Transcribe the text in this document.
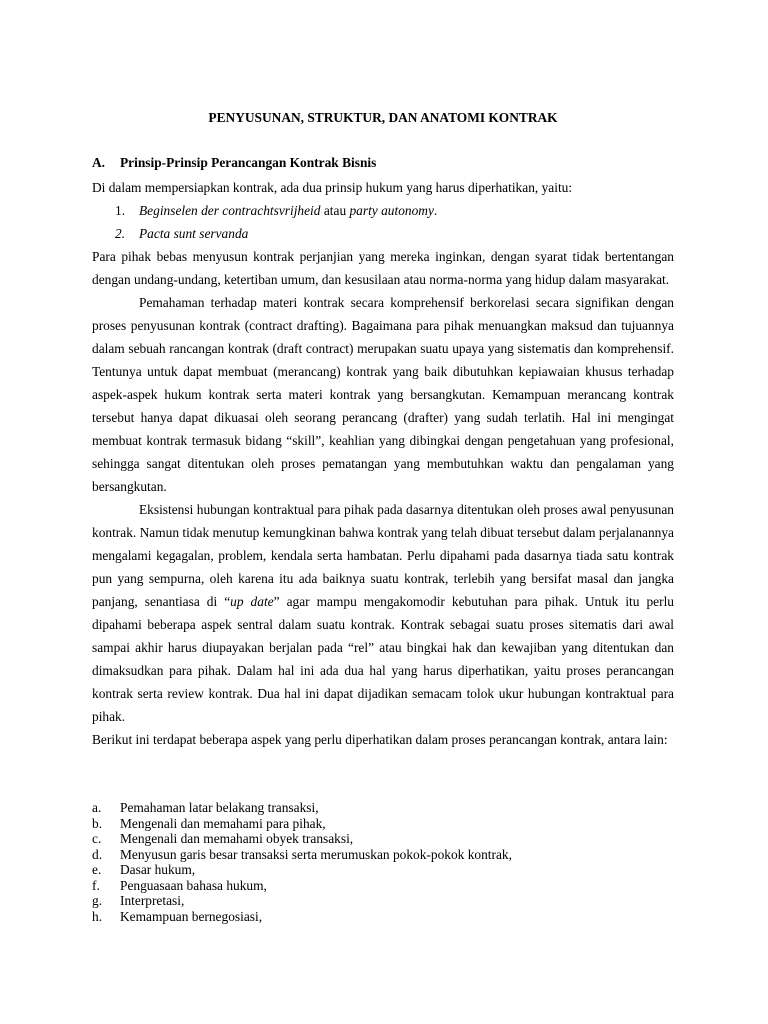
PENYUSUNAN, STRUKTUR, DAN ANATOMI KONTRAK
A. Prinsip-Prinsip Perancangan Kontrak Bisnis

Di dalam mempersiapkan kontrak, ada dua prinsip hukum yang harus diperhatikan, yaitu:

1. Beginselen der contrachtsvrijheid atau party autonomy.
2. Pacta sunt servanda

Para pihak bebas menyusun kontrak perjanjian yang mereka inginkan, dengan syarat tidak bertentangan dengan undang-undang, ketertiban umum, dan kesusilaan atau norma-norma yang hidup dalam masyarakat.

Pemahaman terhadap materi kontrak secara komprehensif berkorelasi secara signifikan dengan proses penyusunan kontrak (contract drafting). Bagaimana para pihak menuangkan maksud dan tujuannya dalam sebuah rancangan kontrak (draft contract) merupakan suatu upaya yang sistematis dan komprehensif. Tentunya untuk dapat membuat (merancang) kontrak yang baik dibutuhkan kepiawaian khusus terhadap aspek-aspek hukum kontrak serta materi kontrak yang bersangkutan. Kemampuan merancang kontrak tersebut hanya dapat dikuasai oleh seorang perancang (drafter) yang sudah terlatih. Hal ini mengingat membuat kontrak termasuk bidang “skill”, keahlian yang dibingkai dengan pengetahuan yang profesional, sehingga sangat ditentukan oleh proses pematangan yang membutuhkan waktu dan pengalaman yang bersangkutan.

Eksistensi hubungan kontraktual para pihak pada dasarnya ditentukan oleh proses awal penyusunan kontrak. Namun tidak menutup kemungkinan bahwa kontrak yang telah dibuat tersebut dalam perjalanannya mengalami kegagalan, problem, kendala serta hambatan. Perlu dipahami pada dasarnya tiada satu kontrak pun yang sempurna, oleh karena itu ada baiknya suatu kontrak, terlebih yang bersifat masal dan jangka panjang, senantiasa di “up date” agar mampu mengakomodir kebutuhan para pihak. Untuk itu perlu dipahami beberapa aspek sentral dalam suatu kontrak. Kontrak sebagai suatu proses sitematis dari awal sampai akhir harus diupayakan berjalan pada “rel” atau bingkai hak dan kewajiban yang ditentukan dan dimaksudkan para pihak. Dalam hal ini ada dua hal yang harus diperhatikan, yaitu proses perancangan kontrak serta review kontrak. Dua hal ini dapat dijadikan semacam tolok ukur hubungan kontraktual para pihak.

Berikut ini terdapat beberapa aspek yang perlu diperhatikan dalam proses perancangan kontrak, antara lain:

a. Pemahaman latar belakang transaksi,
b. Mengenali dan memahami para pihak,
c. Mengenali dan memahami obyek transaksi,
d. Menyusun garis besar transaksi serta merumuskan pokok-pokok kontrak,
e. Dasar hukum,
f. Penguasaan bahasa hukum,
g. Interpretasi,
h. Kemampuan bernegosiasi,
